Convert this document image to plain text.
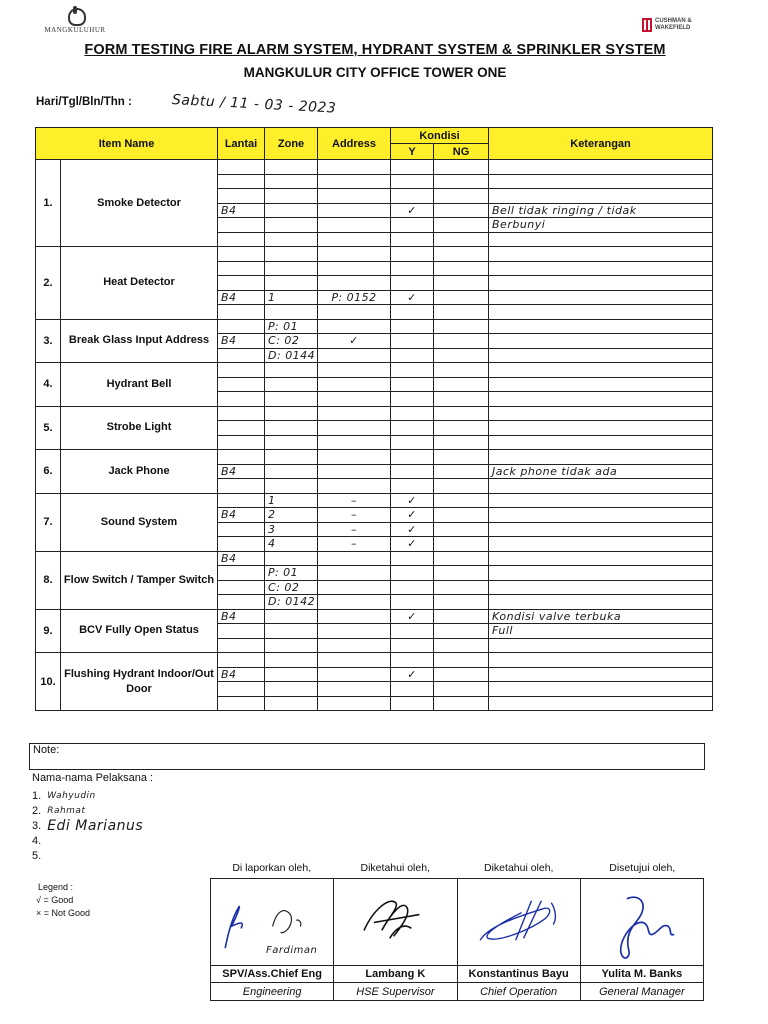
MANGKULUHUR
CUSHMAN & WAKEFIELD
FORM TESTING FIRE ALARM SYSTEM, HYDRANT SYSTEM & SPRINKLER SYSTEM
MANGKULUR CITY OFFICE TOWER ONE
Hari/Tgl/Bln/Thn :	Sabtu / 11 - 03 - 2023
Item Name		Lantai	Zone	Address	Kondisi		Keterangan
					Y	NG	
1.	Smoke Detector						

		B4			✓		Bell tidak ringing / tidak
							Berbunyi

2.	Heat Detector						

		B4	1	P: 0152	✓		

3.	Break Glass Input Address		P: 01				
		B4	C: 02	✓			
			D: 0144				
4.	Hydrant Bell						

5.	Strobe Light						

6.	Jack Phone						
		B4					Jack phone tidak ada

7.	Sound System		1	–	✓		
		B4	2	–	✓		
			3	–	✓		
			4	–	✓		
8.	Flow Switch / Tamper Switch	B4					
			P: 01				
			C: 02				
			D: 0142				
9.	BCV Fully Open Status	B4			✓		Kondisi valve terbuka
							Full

10.	Flushing Hydrant Indoor/Out Door						
		B4			✓		

Note:
Nama-nama Pelaksana :
1. Wahyudin
2. Rahmat
3. Edi Marianus
4.
5.
Legend :
√ = Good
× = Not Good
Di laporkan oleh,	Diketahui oleh,	Diketahui oleh,	Disetujui oleh,
Fardiman

SPV/Ass.Chief Eng	Lambang K	Konstantinus Bayu	Yulita M. Banks
Engineering	HSE Supervisor	Chief Operation	General Manager
